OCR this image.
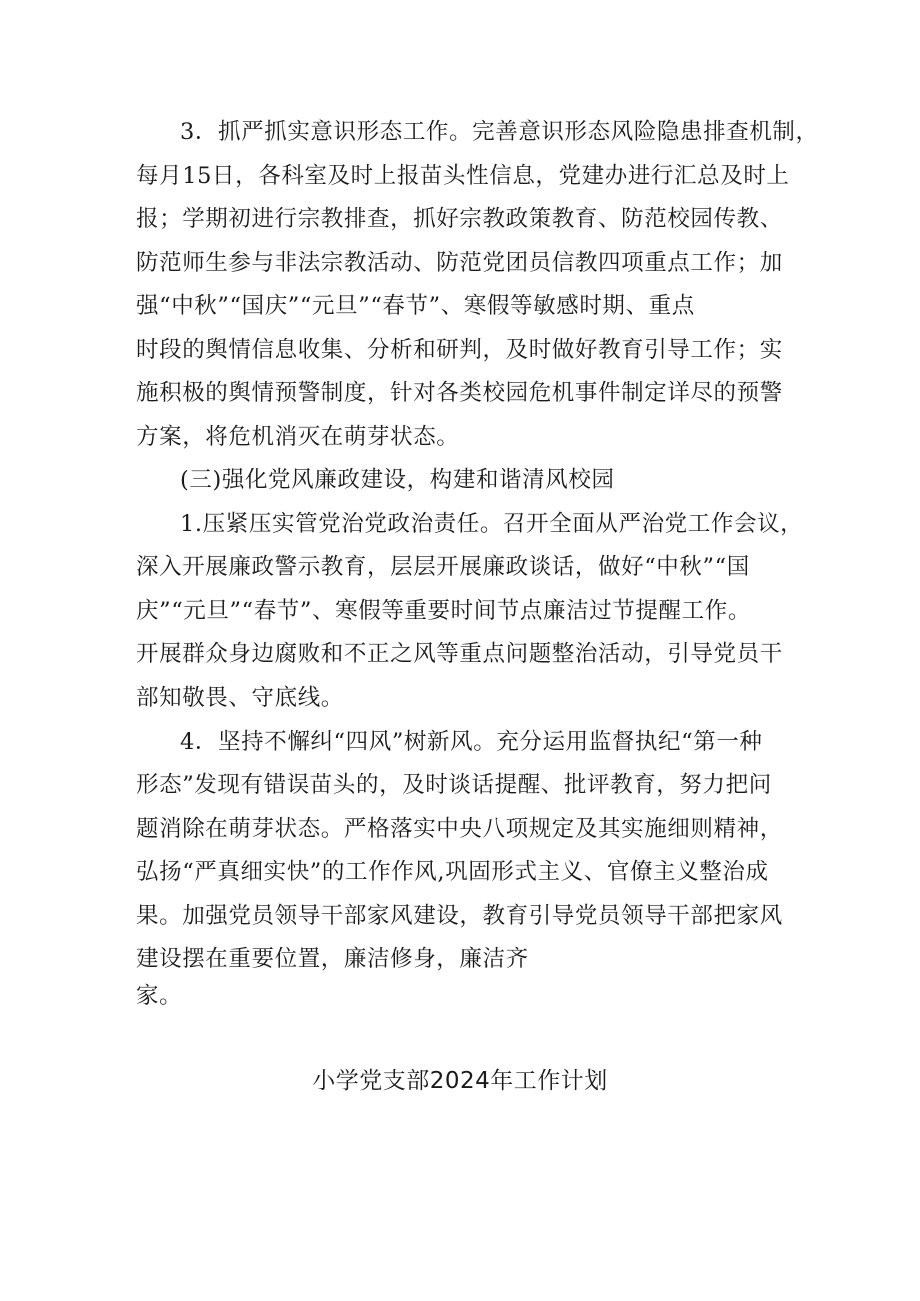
3．抓严抓实意识形态工作。完善意识形态风险隐患排查机制，
每月15日，各科室及时上报苗头性信息，党建办进行汇总及时上
报；学期初进行宗教排查，抓好宗教政策教育、防范校园传教、
防范师生参与非法宗教活动、防范党团员信教四项重点工作；加
强“中秋”“国庆”“元旦”“春节”、寒假等敏感时期、重点
时段的舆情信息收集、分析和研判，及时做好教育引导工作；实
施积极的舆情预警制度，针对各类校园危机事件制定详尽的预警
方案，将危机消灭在萌芽状态。
(三)强化党风廉政建设，构建和谐清风校园
1.压紧压实管党治党政治责任。召开全面从严治党工作会议，
深入开展廉政警示教育，层层开展廉政谈话，做好“中秋”“国
庆”“元旦”“春节”、寒假等重要时间节点廉洁过节提醒工作。
开展群众身边腐败和不正之风等重点问题整治活动，引导党员干
部知敬畏、守底线。
4．坚持不懈纠“四风”树新风。充分运用监督执纪“第一种
形态”发现有错误苗头的，及时谈话提醒、批评教育，努力把问
题消除在萌芽状态。严格落实中央八项规定及其实施细则精神，
弘扬“严真细实快”的工作作风,巩固形式主义、官僚主义整治成
果。加强党员领导干部家风建设，教育引导党员领导干部把家风
建设摆在重要位置，廉洁修身，廉洁齐
家。
小学党支部2024年工作计划
